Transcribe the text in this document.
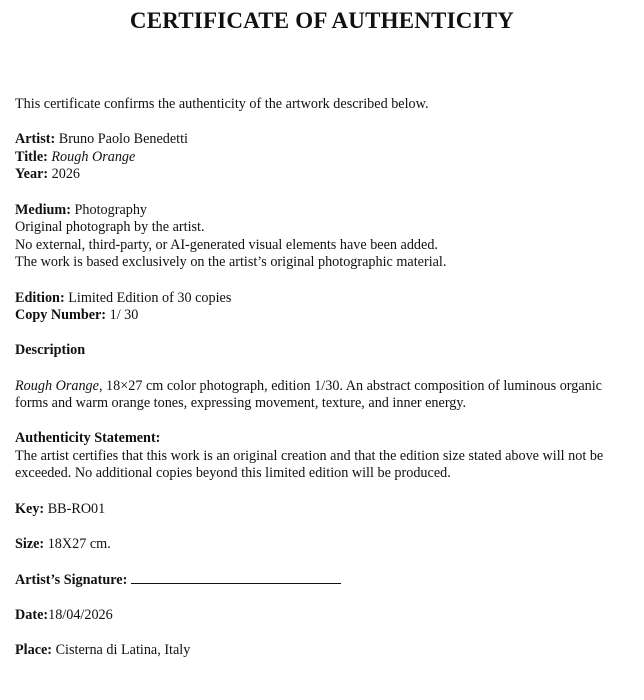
CERTIFICATE OF AUTHENTICITY
This certificate confirms the authenticity of the artwork described below.
Artist: Bruno Paolo Benedetti
Title: Rough Orange
Year: 2026
Medium: Photography
Original photograph by the artist.
No external, third-party, or AI-generated visual elements have been added.
The work is based exclusively on the artist’s original photographic material.
Edition: Limited Edition of 30 copies
Copy Number: 1/ 30
Description
Rough Orange, 18×27 cm color photograph, edition 1/30. An abstract composition of luminous organic forms and warm orange tones, expressing movement, texture, and inner energy.
Authenticity Statement:
The artist certifies that this work is an original creation and that the edition size stated above will not be exceeded. No additional copies beyond this limited edition will be produced.
Key: BB-RO01
Size: 18X27 cm.
Artist’s Signature:
Date:18/04/2026
Place: Cisterna di Latina, Italy
